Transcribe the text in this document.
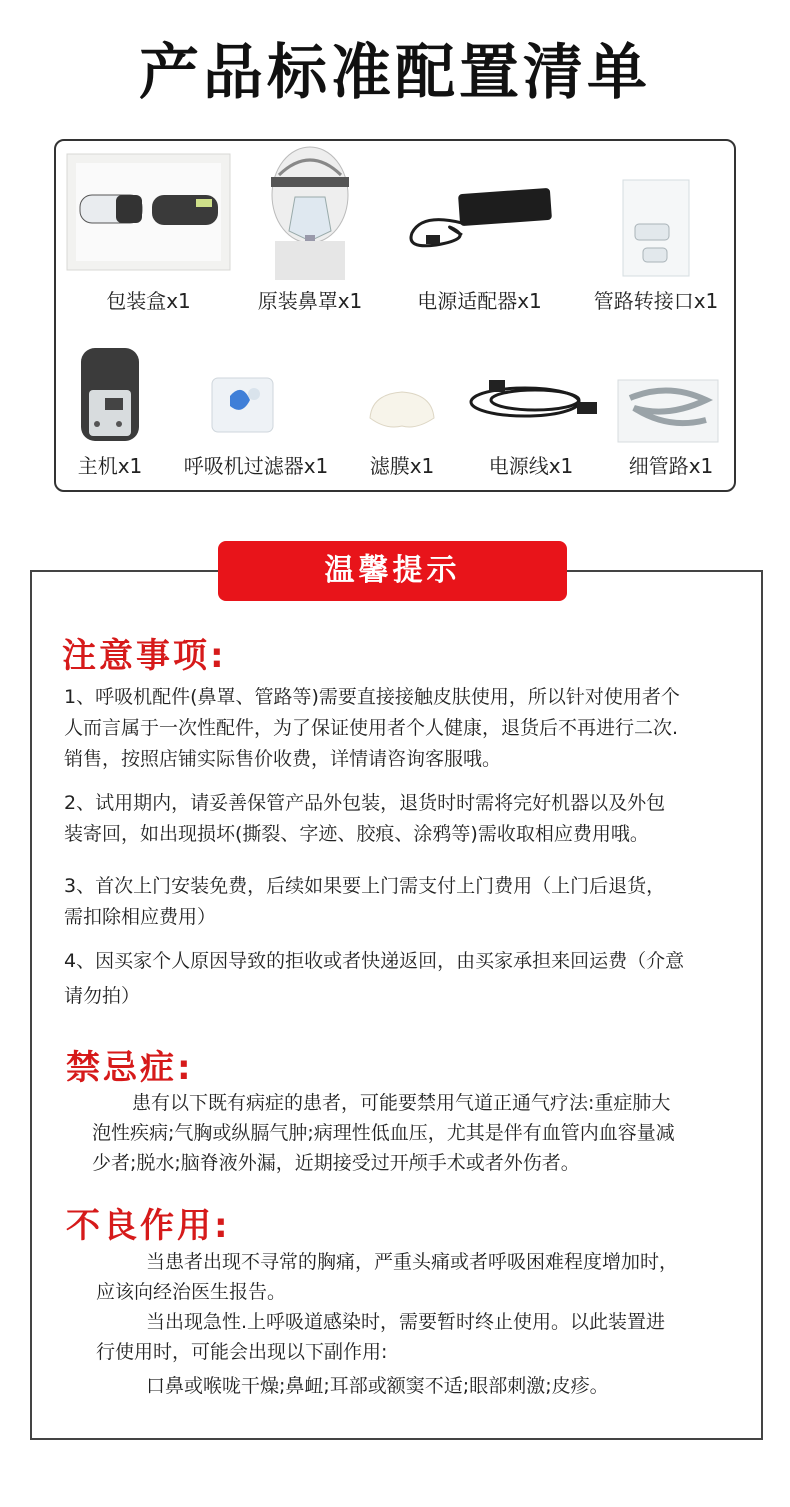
产品标准配置清单
包装盒x1	原装鼻罩x1	电源适配器x1	管路转接口x1
主机x1	呼吸机过滤器x1	滤膜x1	电源线x1	细管路x1
温馨提示
注意事项:
1、呼吸机配件(鼻罩、管路等)需要直接接触皮肤使用，所以针对使用者个
人而言属于一次性配件，为了保证使用者个人健康，退货后不再进行二次.
销售，按照店铺实际售价收费，详情请咨询客服哦。
2、试用期内，请妥善保管产品外包装，退货时时需将完好机器以及外包
装寄回，如出现损坏(撕裂、字迹、胶痕、涂鸦等)需收取相应费用哦。
3、首次上门安装免费，后续如果要上门需支付上门费用（上门后退货，
需扣除相应费用）
4、因买家个人原因导致的拒收或者快递返回，由买家承担来回运费（介意
请勿拍）
禁忌症:
患有以下既有病症的患者，可能要禁用气道正通气疗法:重症肺大
泡性疾病;气胸或纵膈气肿;病理性低血压，尤其是伴有血管内血容量减
少者;脱水;脑脊液外漏，近期接受过开颅手术或者外伤者。
不良作用:
当患者出现不寻常的胸痛，严重头痛或者呼吸困难程度增加时，
应该向经治医生报告。
当出现急性.上呼吸道感染时，需要暂时终止使用。以此装置进
行使用时，可能会出现以下副作用:
口鼻或喉咙干燥;鼻衄;耳部或额窦不适;眼部刺激;皮疹。
